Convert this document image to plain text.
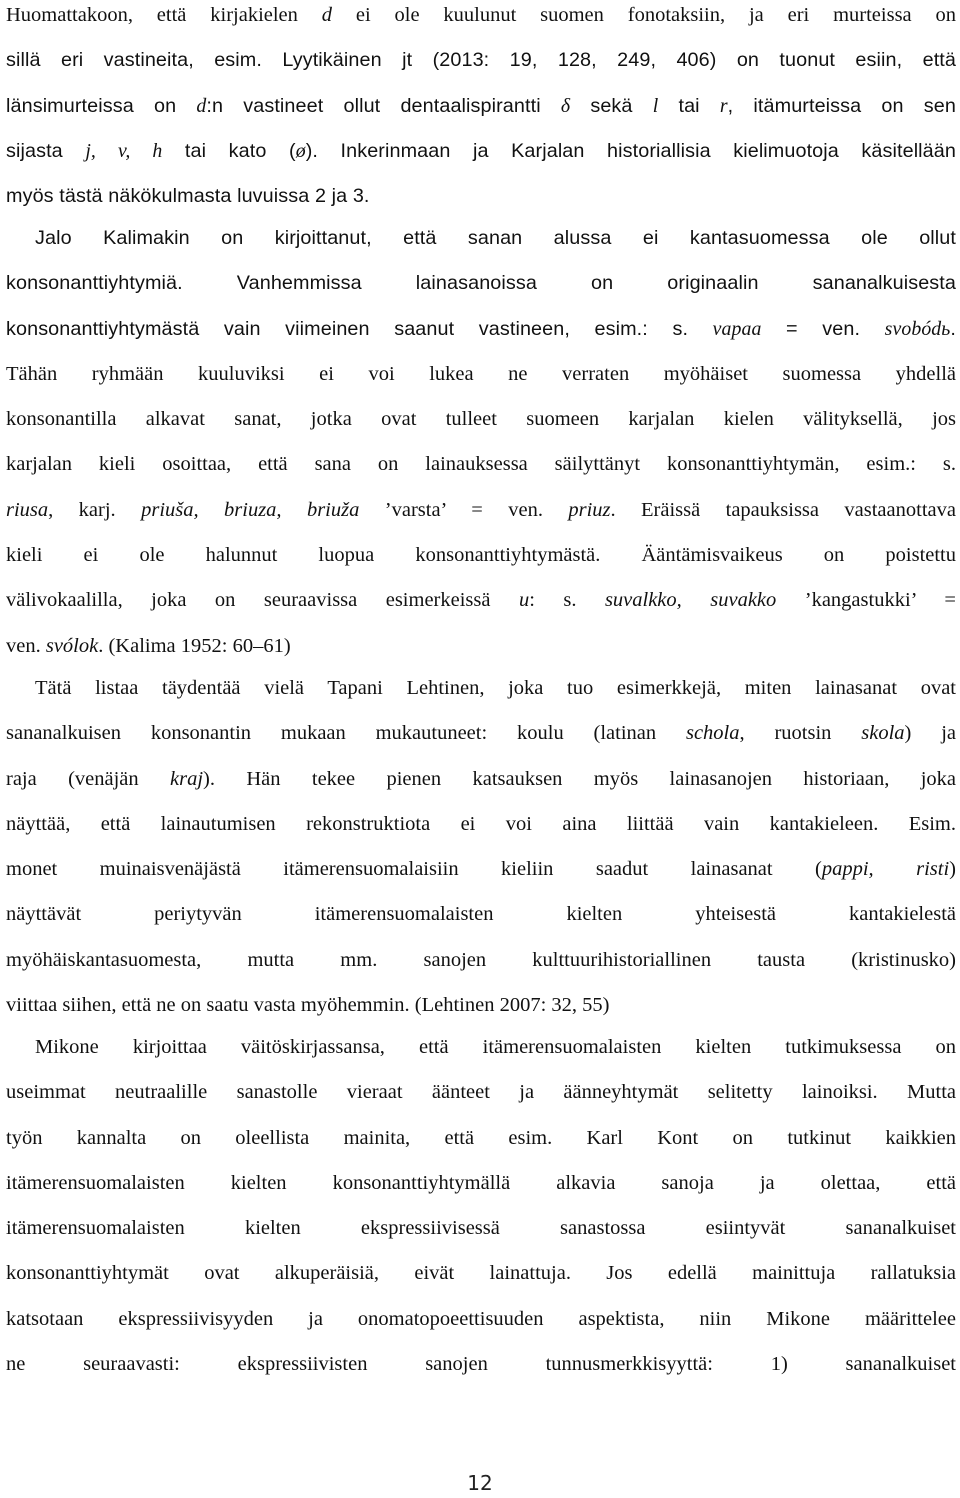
Huomattakoon, että kirjakielen d ei ole kuulunut suomen fonotaksiin, ja eri murteissa on

sillä eri vastineita, esim. Lyytikäinen jt (2013: 19, 128, 249, 406) on tuonut esiin, että

länsimurteissa on d:n vastineet ollut dentaalispirantti δ sekä l tai r, itämurteissa on sen

sijasta j, v, h tai kato (ø). Inkerinmaan ja Karjalan historiallisia kielimuotoja käsitellään

myös tästä näkökulmasta luvuissa 2 ja 3.

Jalo Kalimakin on kirjoittanut, että sanan alussa ei kantasuomessa ole ollut

konsonanttiyhtymiä. Vanhemmissa lainasanoissa on originaalin sananalkuisesta

konsonanttiyhtymästä vain viimeinen saanut vastineen, esim.: s. vapaa = ven. svobódь.

Tähän ryhmään kuuluviksi ei voi lukea ne verraten myöhäiset suomessa yhdellä

konsonantilla alkavat sanat, jotka ovat tulleet suomeen karjalan kielen välityksellä, jos

karjalan kieli osoittaa, että sana on lainauksessa säilyttänyt konsonanttiyhtymän, esim.: s.

riusa, karj. priuša, briuza, briuža ’varsta’ = ven. priuz. Eräissä tapauksissa vastaanottava

kieli ei ole halunnut luopua konsonanttiyhtymästä. Ääntämisvaikeus on poistettu

välivokaalilla, joka on seuraavissa esimerkeissä u: s. suvalkko, suvakko ’kangastukki’ =

ven. svólok. (Kalima 1952: 60–61)

Tätä listaa täydentää vielä Tapani Lehtinen, joka tuo esimerkkejä, miten lainasanat ovat

sananalkuisen konsonantin mukaan mukautuneet: koulu (latinan schola, ruotsin skola) ja

raja (venäjän kraj). Hän tekee pienen katsauksen myös lainasanojen historiaan, joka

näyttää, että lainautumisen rekonstruktiota ei voi aina liittää vain kantakieleen. Esim.

monet muinaisvenäjästä itämerensuomalaisiin kieliin saadut lainasanat (pappi, risti)

näyttävät periytyvän itämerensuomalaisten kielten yhteisestä kantakielestä

myöhäiskantasuomesta, mutta mm. sanojen kulttuurihistoriallinen tausta (kristinusko)

viittaa siihen, että ne on saatu vasta myöhemmin. (Lehtinen 2007: 32, 55)

Mikone kirjoittaa väitöskirjassansa, että itämerensuomalaisten kielten tutkimuksessa on

useimmat neutraalille sanastolle vieraat äänteet ja äänneyhtymät selitetty lainoiksi. Mutta

työn kannalta on oleellista mainita, että esim. Karl Kont on tutkinut kaikkien

itämerensuomalaisten kielten konsonanttiyhtymällä alkavia sanoja ja olettaa, että

itämerensuomalaisten kielten ekspressiivisessä sanastossa esiintyvät sananalkuiset

konsonanttiyhtymät ovat alkuperäisiä, eivät lainattuja. Jos edellä mainittuja rallatuksia

katsotaan ekspressiivisyyden ja onomatopoeettisuuden aspektista, niin Mikone määrittelee

ne seuraavasti: ekspressiivisten sanojen tunnusmerkkisyyttä: 1) sananalkuiset

12
